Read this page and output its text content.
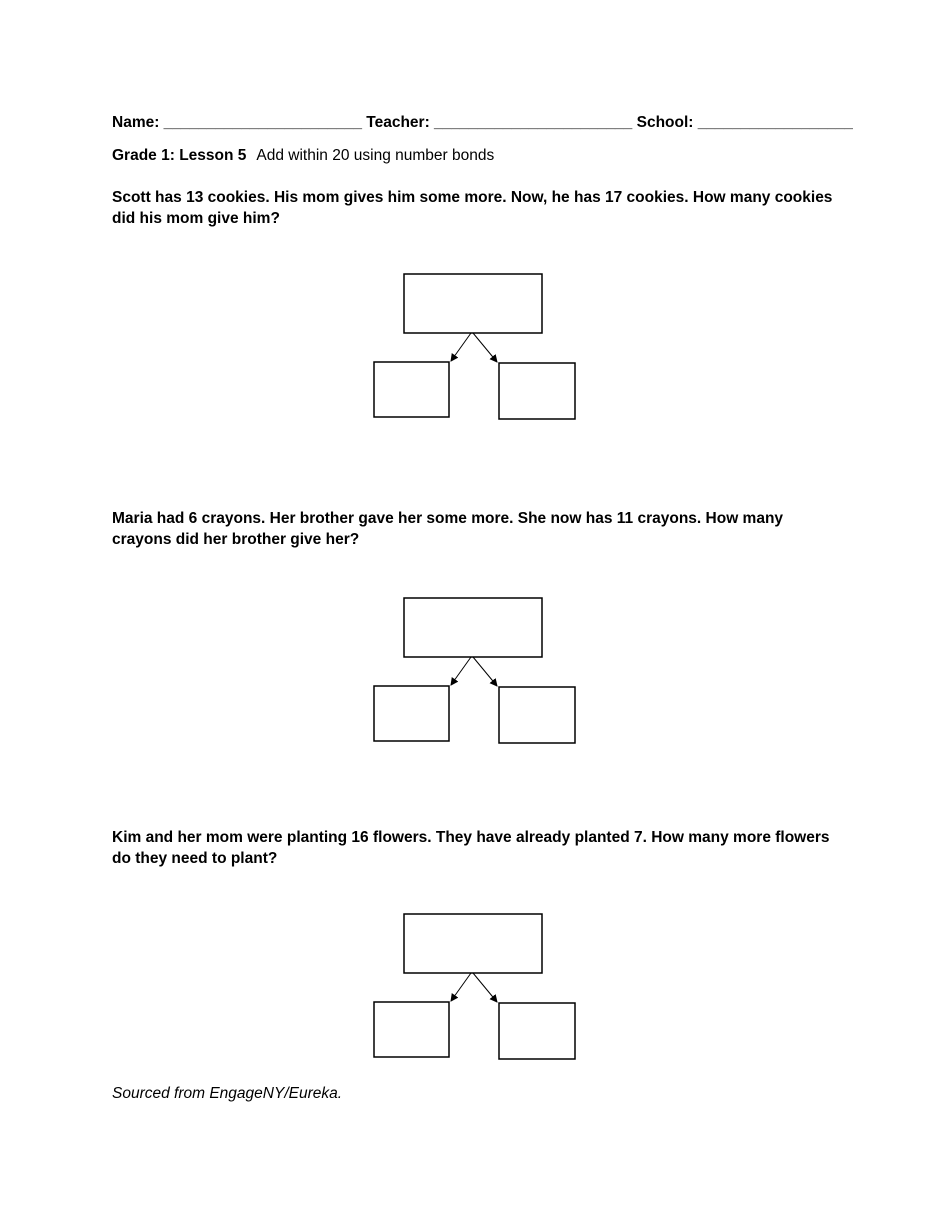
Name: _______________________ Teacher: _______________________ School: __________________
Grade 1: Lesson 5 Add within 20 using number bonds
Scott has 13 cookies. His mom gives him some more. Now, he has 17 cookies. How many cookies did his mom give him?
Maria had 6 crayons. Her brother gave her some more. She now has 11 crayons. How many crayons did her brother give her?
Kim and her mom were planting 16 flowers. They have already planted 7. How many more flowers do they need to plant?
Sourced from EngageNY/Eureka.
